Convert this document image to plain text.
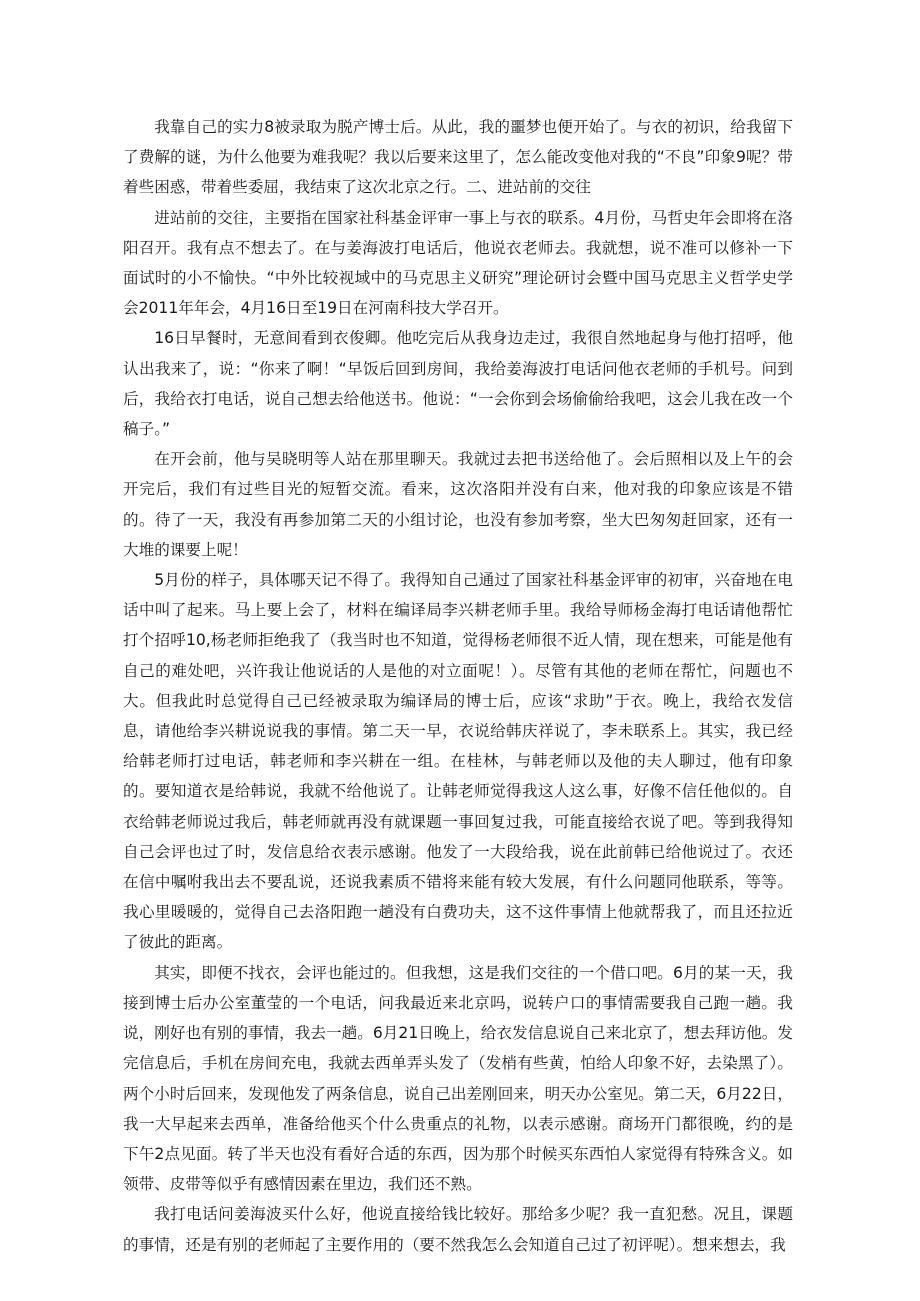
我靠自己的实力8被录取为脱产博士后。从此，我的噩梦也便开始了。与衣的初识，给我留下了费解的谜，为什么他要为难我呢？我以后要来这里了，怎么能改变他对我的“不良”印象9呢？带着些困惑，带着些委屈，我结束了这次北京之行。二、进站前的交往

进站前的交往，主要指在国家社科基金评审一事上与衣的联系。4月份，马哲史年会即将在洛阳召开。我有点不想去了。在与姜海波打电话后，他说衣老师去。我就想，说不准可以修补一下面试时的小不愉快。“中外比较视域中的马克思主义研究”理论研讨会暨中国马克思主义哲学史学会2011年年会，4月16日至19日在河南科技大学召开。

16日早餐时，无意间看到衣俊卿。他吃完后从我身边走过，我很自然地起身与他打招呼，他认出我来了，说：“你来了啊！“早饭后回到房间，我给姜海波打电话问他衣老师的手机号。问到后，我给衣打电话，说自己想去给他送书。他说：“一会你到会场偷偷给我吧，这会儿我在改一个稿子。”

在开会前，他与吴晓明等人站在那里聊天。我就过去把书送给他了。会后照相以及上午的会开完后，我们有过些目光的短暂交流。看来，这次洛阳并没有白来，他对我的印象应该是不错的。待了一天，我没有再参加第二天的小组讨论，也没有参加考察，坐大巴匆匆赶回家，还有一大堆的课要上呢！

5月份的样子，具体哪天记不得了。我得知自己通过了国家社科基金评审的初审，兴奋地在电话中叫了起来。马上要上会了，材料在编译局李兴耕老师手里。我给导师杨金海打电话请他帮忙打个招呼10,杨老师拒绝我了（我当时也不知道，觉得杨老师很不近人情，现在想来，可能是他有自己的难处吧，兴许我让他说话的人是他的对立面呢！）。尽管有其他的老师在帮忙，问题也不大。但我此时总觉得自己已经被录取为编译局的博士后，应该“求助”于衣。晚上，我给衣发信息，请他给李兴耕说说我的事情。第二天一早，衣说给韩庆祥说了，李未联系上。其实，我已经给韩老师打过电话，韩老师和李兴耕在一组。在桂林，与韩老师以及他的夫人聊过，他有印象的。要知道衣是给韩说，我就不给他说了。让韩老师觉得我这人这么事，好像不信任他似的。自衣给韩老师说过我后，韩老师就再没有就课题一事回复过我，可能直接给衣说了吧。等到我得知自己会评也过了时，发信息给衣表示感谢。他发了一大段给我，说在此前韩已给他说过了。衣还在信中嘱咐我出去不要乱说，还说我素质不错将来能有较大发展，有什么问题同他联系，等等。我心里暖暖的，觉得自己去洛阳跑一趟没有白费功夫，这不这件事情上他就帮我了，而且还拉近了彼此的距离。

其实，即便不找衣，会评也能过的。但我想，这是我们交往的一个借口吧。6月的某一天，我接到博士后办公室董莹的一个电话，问我最近来北京吗，说转户口的事情需要我自己跑一趟。我说，刚好也有别的事情，我去一趟。6月21日晚上，给衣发信息说自己来北京了，想去拜访他。发完信息后，手机在房间充电，我就去西单弄头发了（发梢有些黄，怕给人印象不好，去染黑了）。两个小时后回来，发现他发了两条信息，说自己出差刚回来，明天办公室见。第二天，6月22日，我一大早起来去西单，准备给他买个什么贵重点的礼物，以表示感谢。商场开门都很晚，约的是下午2点见面。转了半天也没有看好合适的东西，因为那个时候买东西怕人家觉得有特殊含义。如领带、皮带等似乎有感情因素在里边，我们还不熟。

我打电话问姜海波买什么好，他说直接给钱比较好。那给多少呢？我一直犯愁。况且，课题的事情，还是有别的老师起了主要作用的（要不然我怎么会知道自己过了初评呢）。想来想去，我
